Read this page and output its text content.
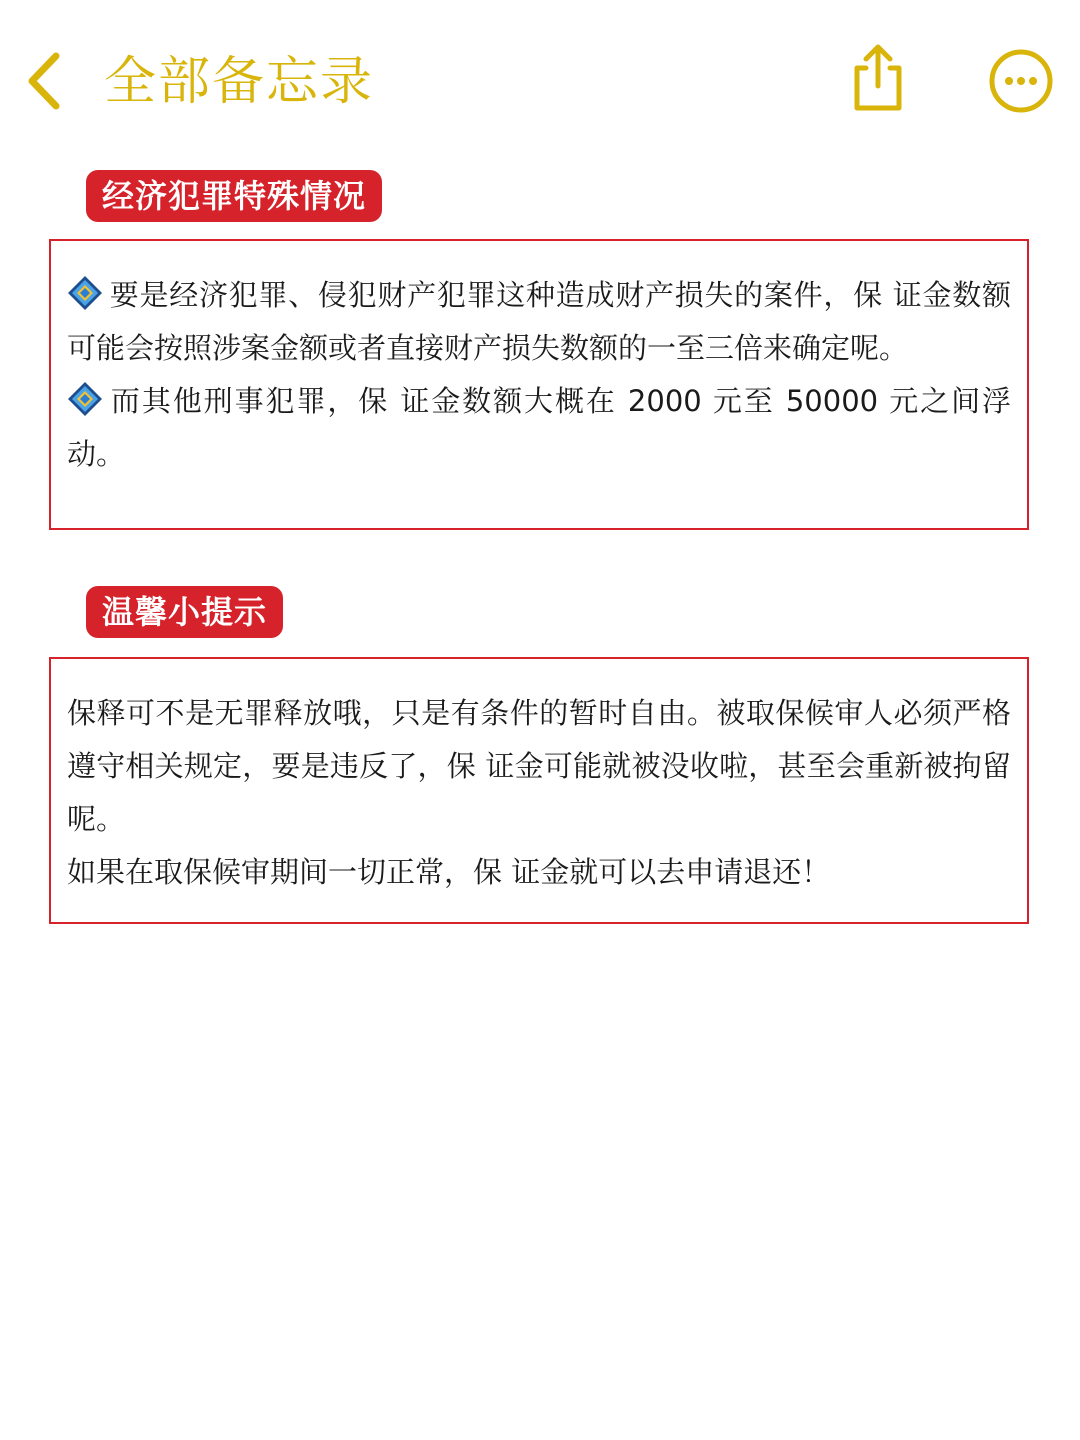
全部备忘录
经济犯罪特殊情况

要是经济犯罪、侵犯财产犯罪这种造成财产损失的案件，保 证金数额可能会按照涉案金额或者直接财产损失数额的一至三倍来确定呢。

而其他刑事犯罪，保 证金数额大概在 2000 元至 50000 元之间浮动。

温馨小提示

保释可不是无罪释放哦，只是有条件的暂时自由。被取保候审人必须严格遵守相关规定，要是违反了，保 证金可能就被没收啦，甚至会重新被拘留呢。

如果在取保候审期间一切正常，保 证金就可以去申请退还！
